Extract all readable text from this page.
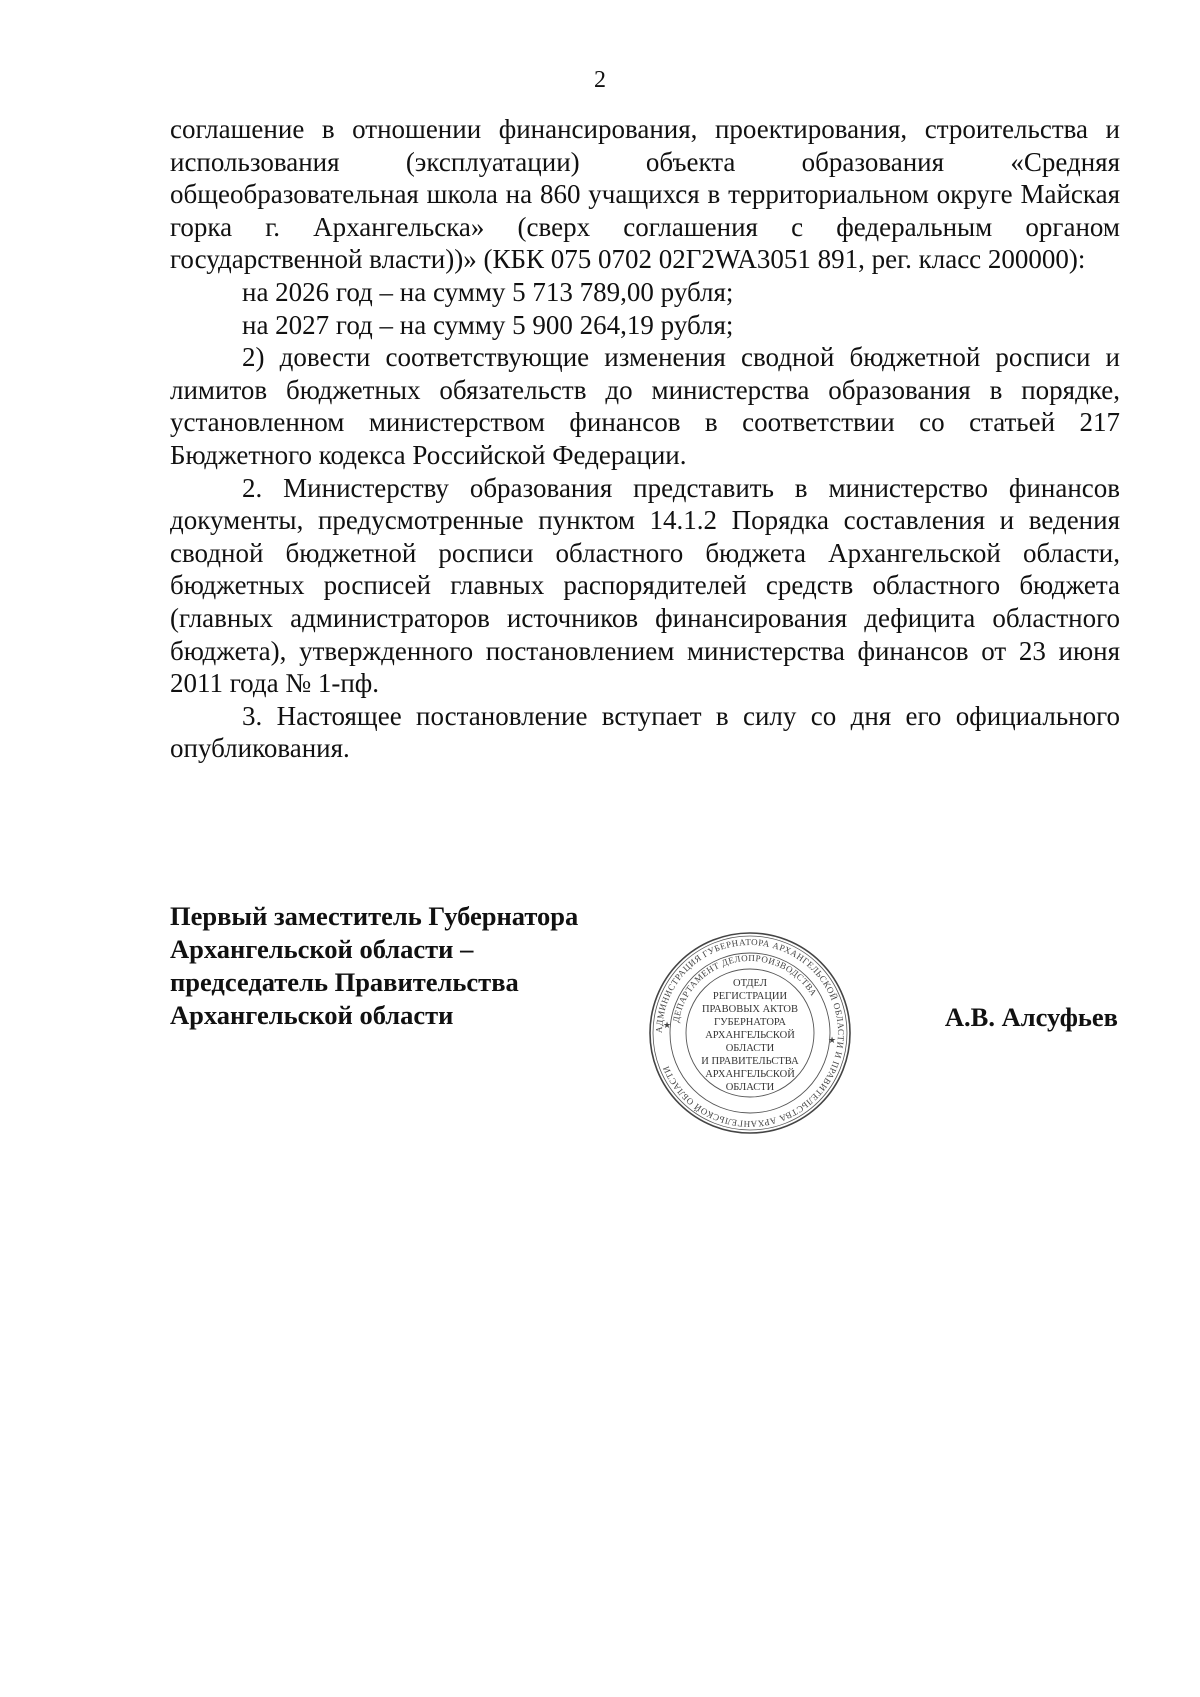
2

соглашение в отношении финансирования, проектирования, строительства и использования (эксплуатации) объекта образования «Средняя общеобразовательная школа на 860 учащихся в территориальном округе Майская горка г. Архангельска» (сверх соглашения с федеральным органом государственной власти))» (КБК 075 0702 02Г2WA3051 891, рег. класс 200000):

на 2026 год – на сумму 5 713 789,00 рубля;

на 2027 год – на сумму 5 900 264,19 рубля;

2) довести соответствующие изменения сводной бюджетной росписи и лимитов бюджетных обязательств до министерства образования в порядке, установленном министерством финансов в соответствии со статьей 217 Бюджетного кодекса Российской Федерации.

2. Министерству образования представить в министерство финансов документы, предусмотренные пунктом 14.1.2 Порядка составления и ведения сводной бюджетной росписи областного бюджета Архангельской области, бюджетных росписей главных распорядителей средств областного бюджета (главных администраторов источников финансирования дефицита областного бюджета), утвержденного постановлением министерства финансов от 23 июня 2011 года № 1-пф.

3. Настоящее постановление вступает в силу со дня его официального опубликования.

Первый заместитель Губернатора
Архангельской области –
председатель Правительства
Архангельской области	АДМИНИСТРАЦИЯ ГУБЕРНАТОРА АРХАНГЕЛЬСКОЙ ОБЛАСТИ И ПРАВИТЕЛЬСТВА АРХАНГЕЛЬСКОЙ ОБЛАСТИ
ДЕПАРТАМЕНТ ДЕЛОПРОИЗВОДСТВА
★
★
ОТДЕЛ
РЕГИСТРАЦИИ
ПРАВОВЫХ АКТОВ
ГУБЕРНАТОРА
АРХАНГЕЛЬСКОЙ
ОБЛАСТИ
И ПРАВИТЕЛЬСТВА
АРХАНГЕЛЬСКОЙ
ОБЛАСТИ
А.В. Алсуфьев
